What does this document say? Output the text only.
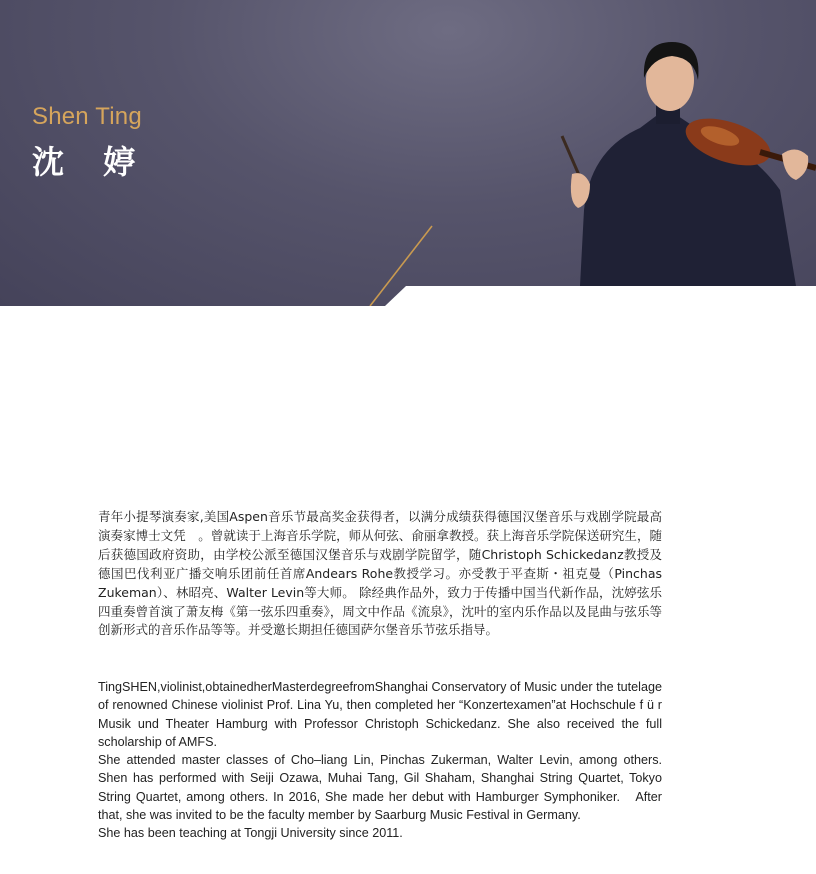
Shen Ting
沈 婷
青年小提琴演奏家,美国Aspen音乐节最高奖金获得者，以满分成绩获得德国汉堡音乐与戏剧学院最高演奏家博士文凭　。曾就读于上海音乐学院，师从何弦、俞丽拿教授。获上海音乐学院保送研究生，随后获德国政府资助，由学校公派至德国汉堡音乐与戏剧学院留学，随Christoph Schickedanz教授及德国巴伐利亚广播交响乐团前任首席Andears Rohe教授学习。亦受教于平查斯・祖克曼（Pinchas Zukeman）、林昭亮、Walter Levin等大师。 除经典作品外，致力于传播中国当代新作品，沈婷弦乐四重奏曾首演了萧友梅《第一弦乐四重奏》，周文中作品《流泉》，沈叶的室内乐作品以及昆曲与弦乐等创新形式的音乐作品等等。并受邀长期担任德国萨尔堡音乐节弦乐指导。

TingSHEN,violinist,obtainedherMasterdegreefromShanghai Conservatory of Music under the tutelage of renowned Chinese violinist Prof. Lina Yu, then completed her “Konzertexamen”at Hochschule f ü r Musik und Theater Hamburg with Professor Christoph Schickedanz. She also received the full scholarship of AMFS.

She attended master classes of Cho–liang Lin, Pinchas Zukerman, Walter Levin, among others. Shen has performed with Seiji Ozawa, Muhai Tang, Gil Shaham, Shanghai String Quartet, Tokyo String Quartet, among others. In 2016, She made her debut with Hamburger Symphoniker.　After that, she was invited to be the faculty member by Saarburg Music Festival in Germany.

She has been teaching at Tongji University since 2011.
